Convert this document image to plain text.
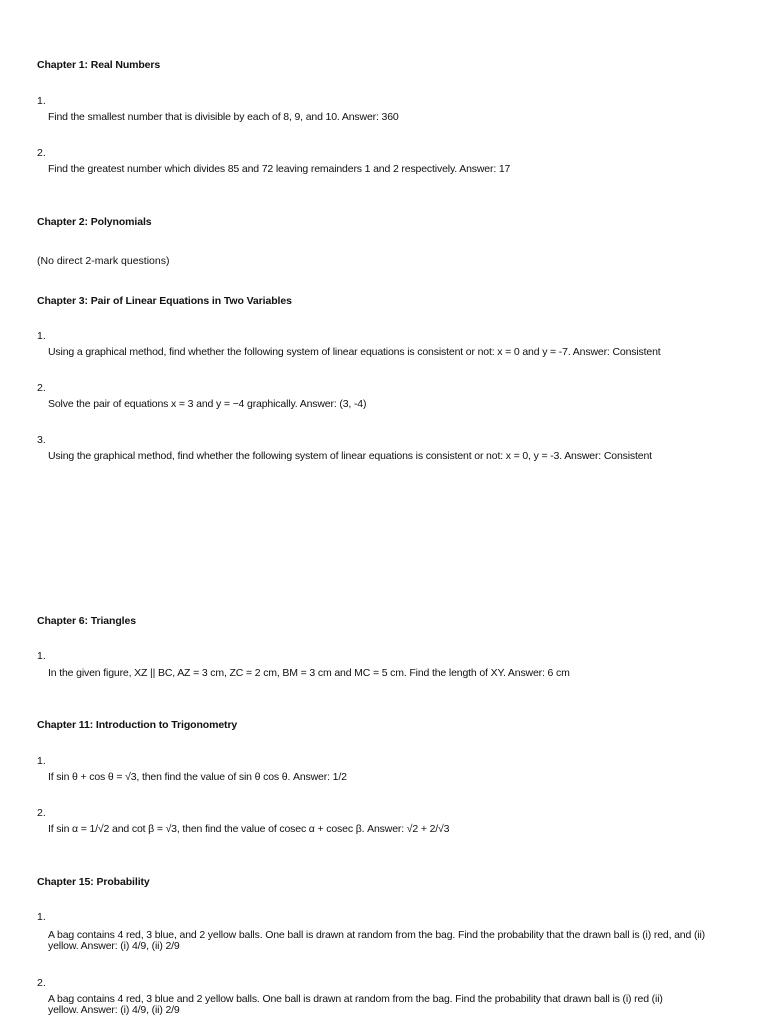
Chapter 1: Real Numbers
1.
Find the smallest number that is divisible by each of 8, 9, and 10. Answer: 360
2.
Find the greatest number which divides 85 and 72 leaving remainders 1 and 2 respectively. Answer: 17
Chapter 2: Polynomials
(No direct 2-mark questions)
Chapter 3: Pair of Linear Equations in Two Variables
1.
Using a graphical method, find whether the following system of linear equations is consistent or not: x = 0 and y = -7. Answer: Consistent
2.
Solve the pair of equations x = 3 and y = −4 graphically. Answer: (3, -4)
3.
Using the graphical method, find whether the following system of linear equations is consistent or not: x = 0, y = -3. Answer: Consistent
Chapter 6: Triangles
1.
In the given figure, XZ || BC, AZ = 3 cm, ZC = 2 cm, BM = 3 cm and MC = 5 cm. Find the length of XY. Answer: 6 cm
Chapter 11: Introduction to Trigonometry
1.
If sin θ + cos θ = √3, then find the value of sin θ cos θ. Answer: 1/2
2.
If sin α = 1/√2 and cot β = √3, then find the value of cosec α + cosec β. Answer: √2 + 2/√3
Chapter 15: Probability
1.
A bag contains 4 red, 3 blue, and 2 yellow balls. One ball is drawn at random from the bag. Find the probability that the drawn ball is (i) red, and (ii) yellow. Answer: (i) 4/9, (ii) 2/9
2.
A bag contains 4 red, 3 blue and 2 yellow balls. One ball is drawn at random from the bag. Find the probability that drawn ball is (i) red (ii) yellow. Answer: (i) 4/9, (ii) 2/9
